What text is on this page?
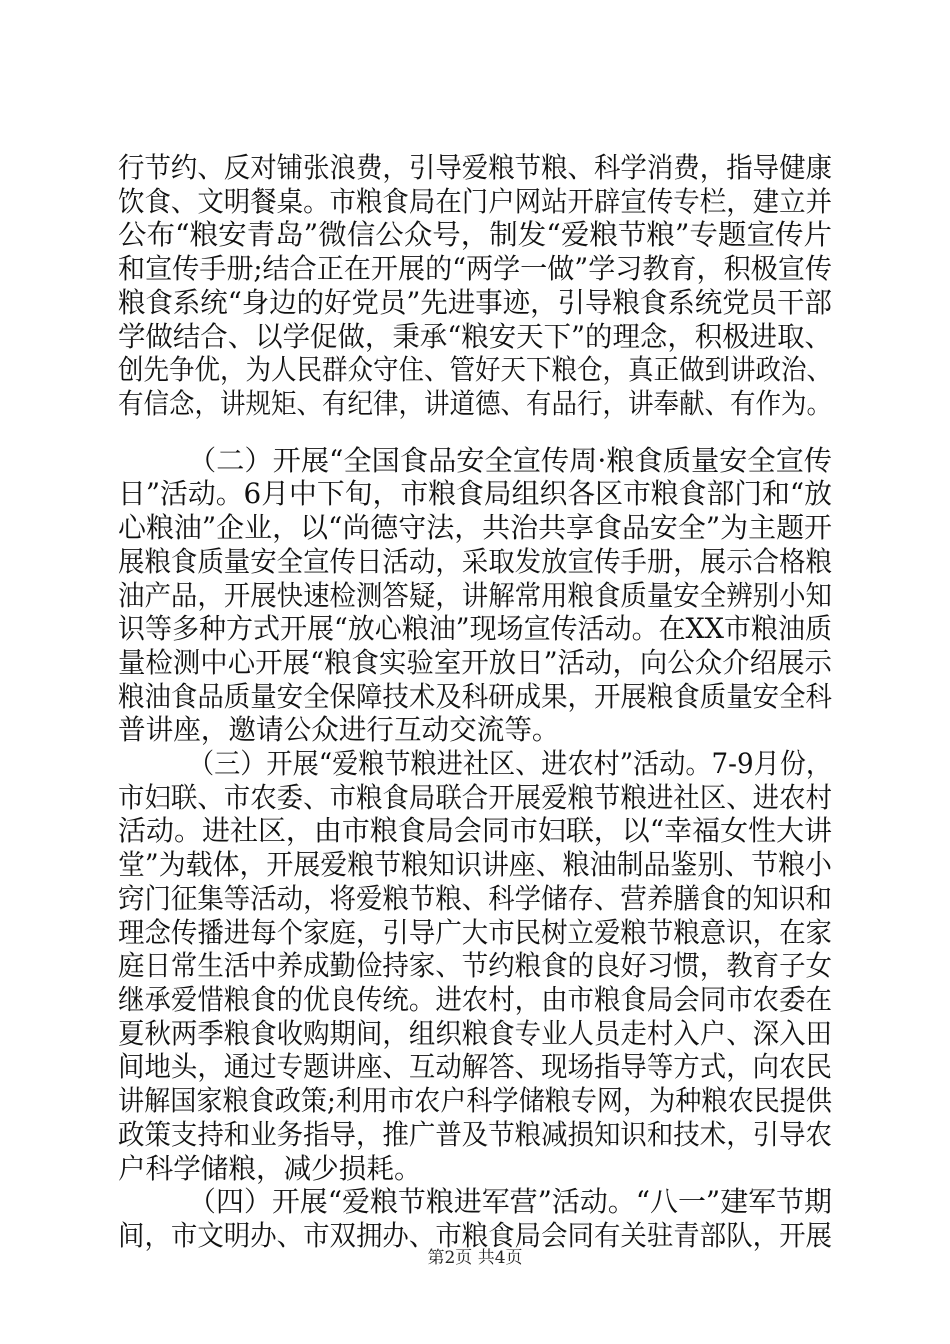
行节约、反对铺张浪费，引导爱粮节粮、科学消费，指导健康
饮食、文明餐桌。市粮食局在门户网站开辟宣传专栏，建立并
公布“粮安青岛”微信公众号，制发“爱粮节粮”专题宣传片
和宣传手册;结合正在开展的“两学一做”学习教育，积极宣传
粮食系统“身边的好党员”先进事迹，引导粮食系统党员干部
学做结合、以学促做，秉承“粮安天下”的理念，积极进取、
创先争优，为人民群众守住、管好天下粮仓，真正做到讲政治、
有信念，讲规矩、有纪律，讲道德、有品行，讲奉献、有作为。
（二）开展“全国食品安全宣传周·粮食质量安全宣传
日”活动。6月中下旬，市粮食局组织各区市粮食部门和“放
心粮油”企业，以“尚德守法，共治共享食品安全”为主题开
展粮食质量安全宣传日活动，采取发放宣传手册，展示合格粮
油产品，开展快速检测答疑，讲解常用粮食质量安全辨别小知
识等多种方式开展“放心粮油”现场宣传活动。在XX市粮油质
量检测中心开展“粮食实验室开放日”活动，向公众介绍展示
粮油食品质量安全保障技术及科研成果，开展粮食质量安全科
普讲座，邀请公众进行互动交流等。
（三）开展“爱粮节粮进社区、进农村”活动。7-9月份，
市妇联、市农委、市粮食局联合开展爱粮节粮进社区、进农村
活动。进社区，由市粮食局会同市妇联，以“幸福女性大讲
堂”为载体，开展爱粮节粮知识讲座、粮油制品鉴别、节粮小
窍门征集等活动，将爱粮节粮、科学储存、营养膳食的知识和
理念传播进每个家庭，引导广大市民树立爱粮节粮意识，在家
庭日常生活中养成勤俭持家、节约粮食的良好习惯，教育子女
继承爱惜粮食的优良传统。进农村，由市粮食局会同市农委在
夏秋两季粮食收购期间，组织粮食专业人员走村入户、深入田
间地头，通过专题讲座、互动解答、现场指导等方式，向农民
讲解国家粮食政策;利用市农户科学储粮专网，为种粮农民提供
政策支持和业务指导，推广普及节粮减损知识和技术，引导农
户科学储粮，减少损耗。
（四）开展“爱粮节粮进军营”活动。“八一”建军节期
间，市文明办、市双拥办、市粮食局会同有关驻青部队，开展
第2页 共4页
